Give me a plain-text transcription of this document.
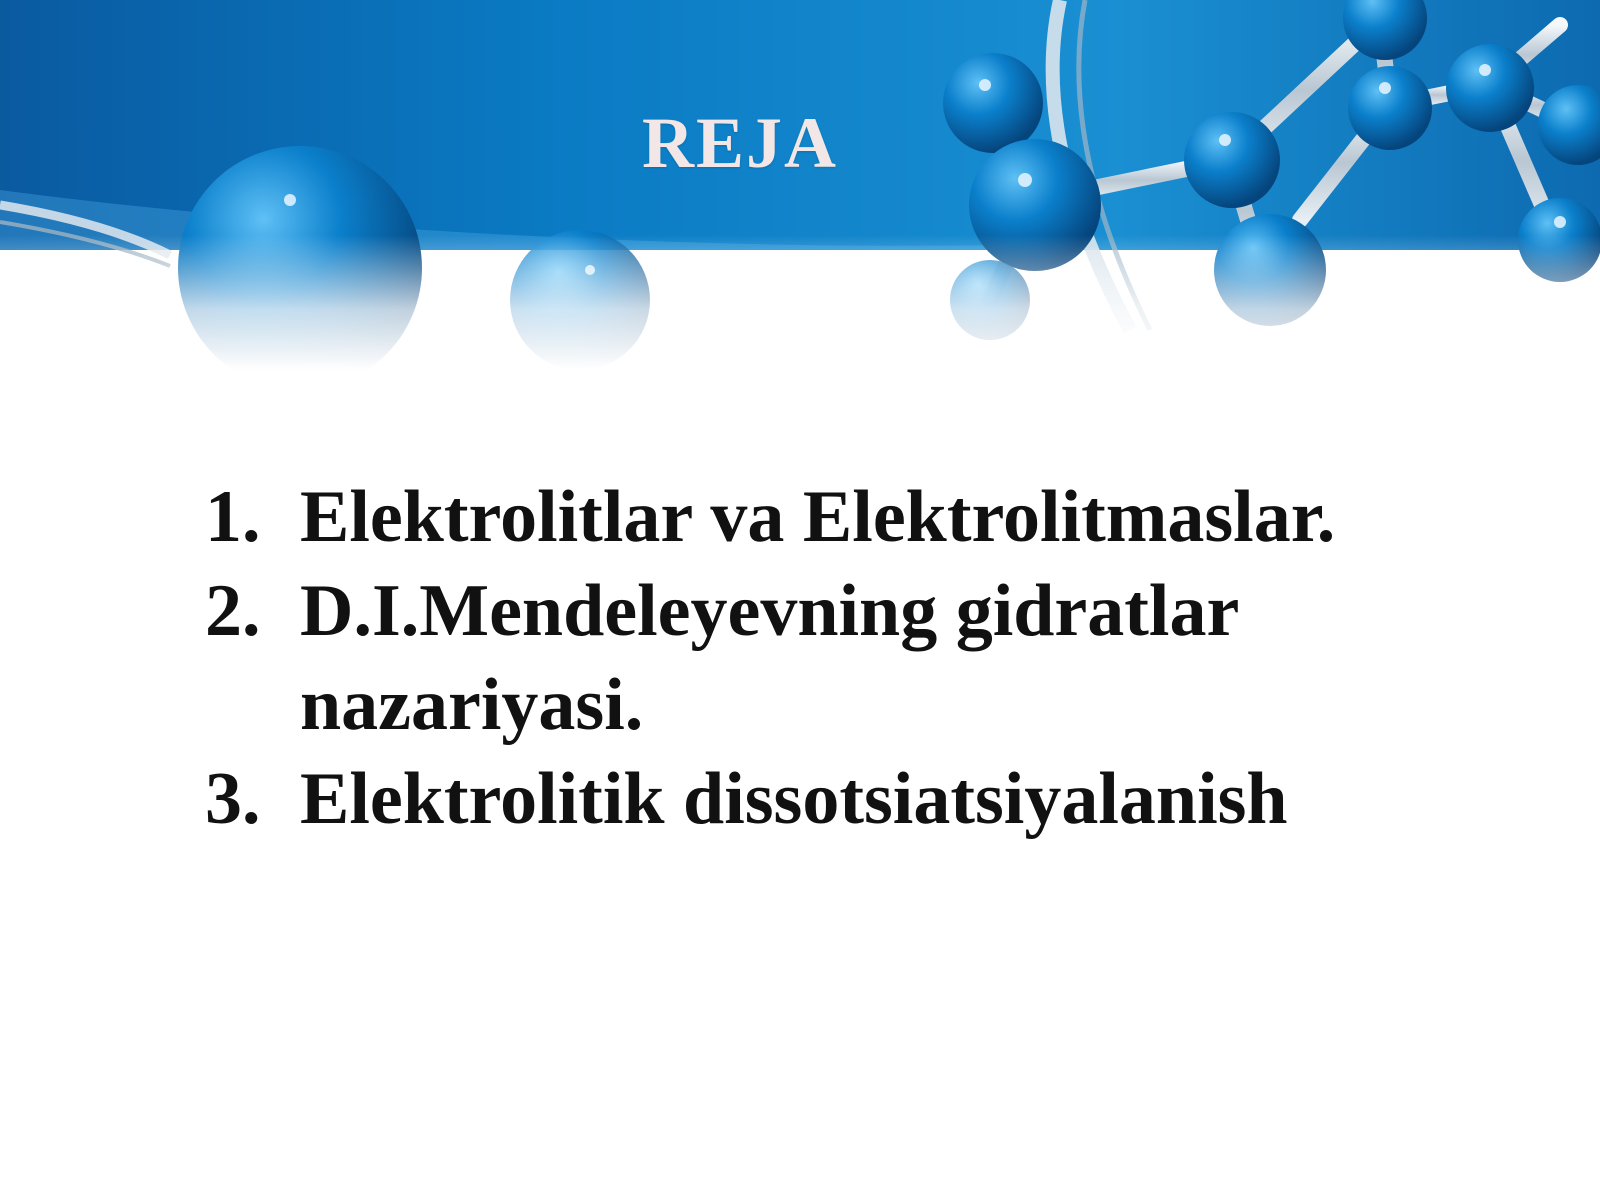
REJA
1. Elektrolitlar va Elektrolitmaslar.
2. D.I.Mendeleyevning gidratlar nazariyasi.
3. Elektrolitik dissotsiatsiyalanish
